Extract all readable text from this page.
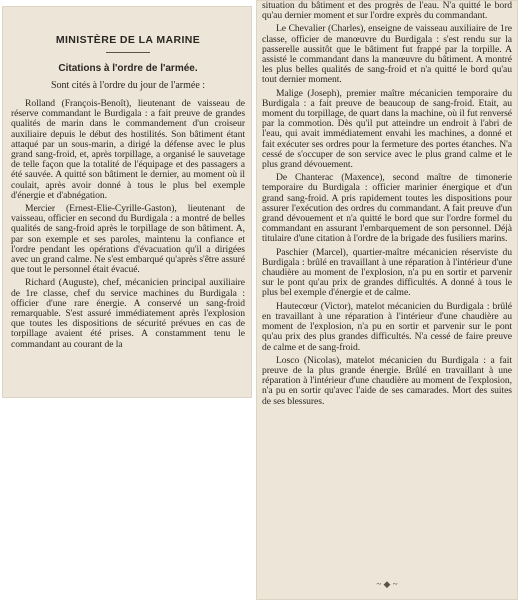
MINISTÈRE DE LA MARINE
Citations à l'ordre de l'armée.
Sont cités à l'ordre du jour de l'armée :

Rolland (François-Benoît), lieutenant de vaisseau de réserve commandant le Burdigala : a fait preuve de grandes qualités de marin dans le commandement d'un croiseur auxiliaire depuis le début des hostilités. Son bâtiment étant attaqué par un sous-marin, a dirigé la défense avec le plus grand sang-froid, et, après torpillage, a organisé le sauvetage de telle façon que la totalité de l'équipage et des passagers a été sauvée. A quitté son bâtiment le dernier, au moment où il coulait, après avoir donné à tous le plus bel exemple d'énergie et d'abnégation.

Mercier (Ernest-Elie-Cyrille-Gaston), lieutenant de vaisseau, officier en second du Burdigala : a montré de belles qualités de sang-froid après le torpillage de son bâtiment. A, par son exemple et ses paroles, maintenu la confiance et l'ordre pendant les opérations d'évacuation qu'il a dirigées avec un grand calme. Ne s'est embarqué qu'après s'être assuré que tout le personnel était évacué.

Richard (Auguste), chef, mécanicien principal auxiliaire de 1re classe, chef du service machines du Burdigala : officier d'une rare énergie. A conservé un sang-froid remarquable. S'est assuré immédiatement après l'explosion que toutes les dispositions de sécurité prévues en cas de torpillage avaient été prises. A constamment tenu le commandant au courant de la

situation du bâtiment et des progrès de l'eau. N'a quitté le bord qu'au dernier moment et sur l'ordre exprès du commandant.

Le Chevalier (Charles), enseigne de vaisseau auxiliaire de 1re classe, officier de manœuvre du Burdigala : s'est rendu sur la passerelle aussitôt que le bâtiment fut frappé par la torpille. A assisté le commandant dans la manœuvre du bâtiment. A montré les plus belles qualités de sang-froid et n'a quitté le bord qu'au tout dernier moment.

Malige (Joseph), premier maître mécanicien temporaire du Burdigala : a fait preuve de beaucoup de sang-froid. Etait, au moment du torpillage, de quart dans la machine, où il fut renversé par la commotion. Dès qu'il put atteindre un endroit à l'abri de l'eau, qui avait immédiatement envahi les machines, a donné et fait exécuter ses ordres pour la fermeture des portes étanches. N'a cessé de s'occuper de son service avec le plus grand calme et le plus grand dévouement.

De Chanterac (Maxence), second maître de timonerie temporaire du Burdigala : officier marinier énergique et d'un grand sang-froid. A pris rapidement toutes les dispositions pour assurer l'exécution des ordres du commandant. A fait preuve d'un grand dévouement et n'a quitté le bord que sur l'ordre formel du commandant en assurant l'embarquement de son personnel. Déjà titulaire d'une citation à l'ordre de la brigade des fusiliers marins.

Paschier (Marcel), quartier-maître mécanicien réserviste du Burdigala : brûlé en travaillant à une réparation à l'intérieur d'une chaudière au moment de l'explosion, n'a pu en sortir et parvenir sur le pont qu'au prix de grandes difficultés. A donné à tous le plus bel exemple d'énergie et de calme.

Hautecœur (Victor), matelot mécanicien du Burdigala : brûlé en travaillant à une réparation à l'intérieur d'une chaudière au moment de l'explosion, n'a pu en sortir et parvenir sur le pont qu'au prix des plus grandes difficultés. N'a cessé de faire preuve de calme et de sang-froid.

Losco (Nicolas), matelot mécanicien du Burdigala : a fait preuve de la plus grande énergie. Brûlé en travaillant à une réparation à l'intérieur d'une chaudière au moment de l'explosion, n'a pu en sortir qu'avec l'aide de ses camarades. Mort des suites de ses blessures.

~ ◆ ~
